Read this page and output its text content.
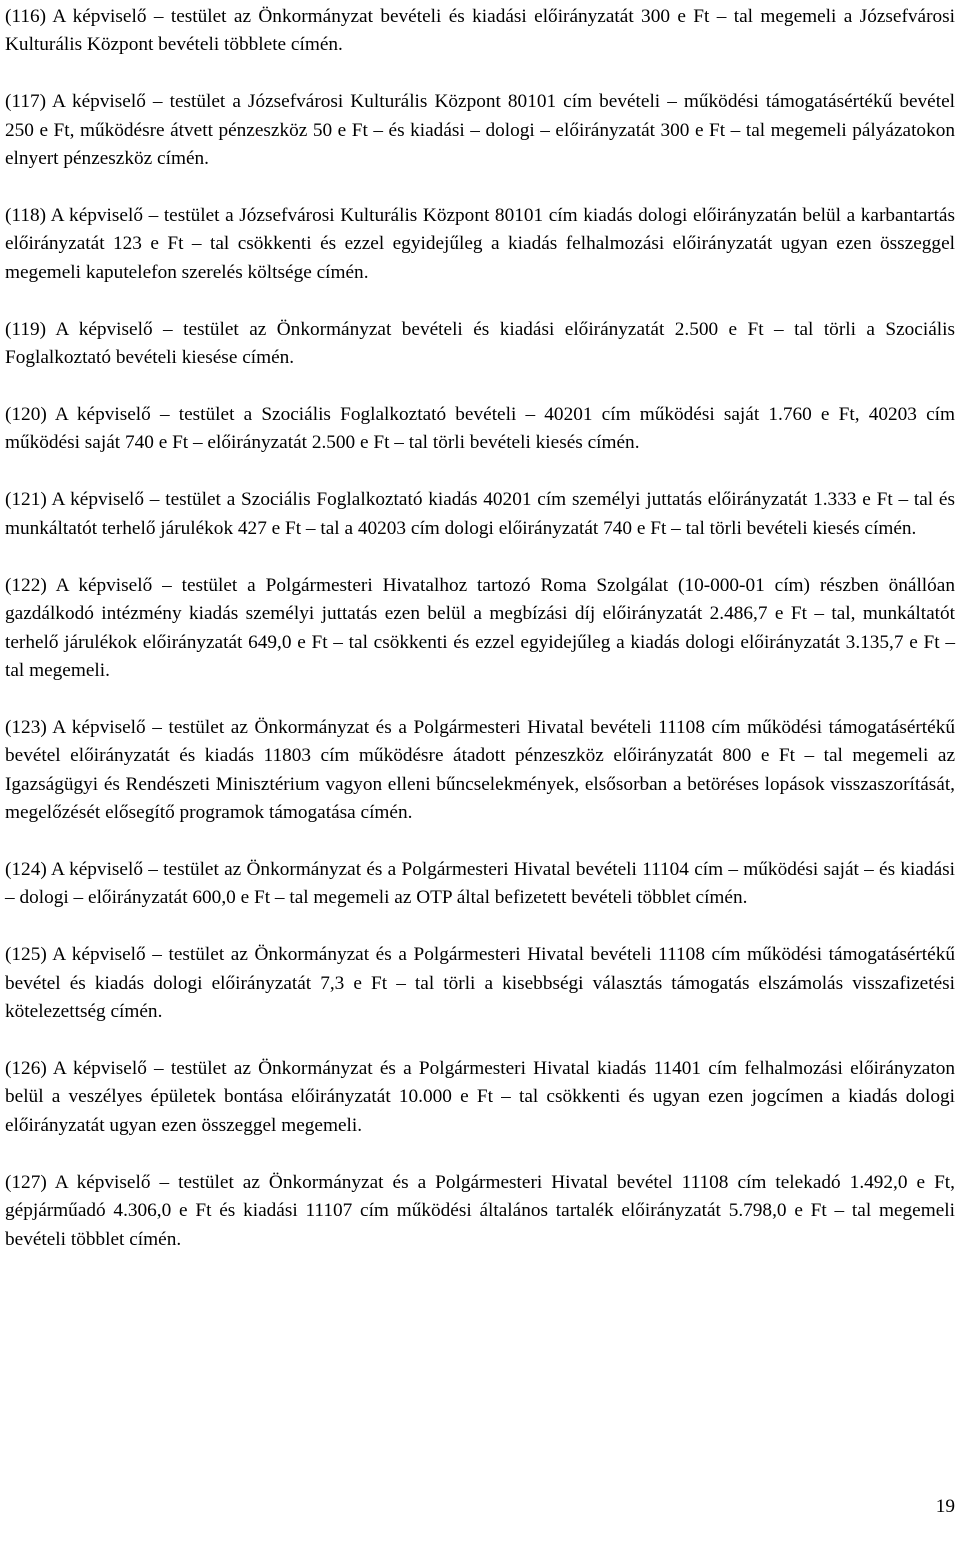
(116) A képviselő – testület az Önkormányzat bevételi és kiadási előirányzatát 300 e Ft – tal megemeli a Józsefvárosi Kulturális Központ bevételi többlete címén.

(117) A képviselő – testület a Józsefvárosi Kulturális Központ 80101 cím bevételi – működési támogatásértékű bevétel 250 e Ft, működésre átvett pénzeszköz 50 e Ft – és kiadási – dologi – előirányzatát 300 e Ft – tal megemeli pályázatokon elnyert pénzeszköz címén.

(118) A képviselő – testület a Józsefvárosi Kulturális Központ 80101 cím kiadás dologi előirányzatán belül a karbantartás előirányzatát 123 e Ft – tal csökkenti és ezzel egyidejűleg a kiadás felhalmozási előirányzatát ugyan ezen összeggel megemeli kaputelefon szerelés költsége címén.

(119) A képviselő – testület az Önkormányzat bevételi és kiadási előirányzatát 2.500 e Ft – tal törli a Szociális Foglalkoztató bevételi kiesése címén.

(120) A képviselő – testület a Szociális Foglalkoztató bevételi – 40201 cím működési saját 1.760 e Ft, 40203 cím működési saját 740 e Ft – előirányzatát 2.500 e Ft – tal törli bevételi kiesés címén.

(121) A képviselő – testület a Szociális Foglalkoztató kiadás 40201 cím személyi juttatás előirányzatát 1.333 e Ft – tal és munkáltatót terhelő járulékok 427 e Ft – tal a 40203 cím dologi előirányzatát 740 e Ft – tal törli bevételi kiesés címén.

(122) A képviselő – testület a Polgármesteri Hivatalhoz tartozó Roma Szolgálat (10-000-01 cím) részben önállóan gazdálkodó intézmény kiadás személyi juttatás ezen belül a megbízási díj előirányzatát 2.486,7 e Ft – tal, munkáltatót terhelő járulékok előirányzatát 649,0 e Ft – tal csökkenti és ezzel egyidejűleg a kiadás dologi előirányzatát 3.135,7 e Ft – tal megemeli.

(123) A képviselő – testület az Önkormányzat és a Polgármesteri Hivatal bevételi 11108 cím működési támogatásértékű bevétel előirányzatát és kiadás 11803 cím működésre átadott pénzeszköz előirányzatát 800 e Ft – tal megemeli az Igazságügyi és Rendészeti Minisztérium vagyon elleni bűncselekmények, elsősorban a betöréses lopások visszaszorítását, megelőzését elősegítő programok támogatása címén.

(124) A képviselő – testület az Önkormányzat és a Polgármesteri Hivatal bevételi 11104 cím – működési saját – és kiadási – dologi – előirányzatát 600,0 e Ft – tal megemeli az OTP által befizetett bevételi többlet címén.

(125) A képviselő – testület az Önkormányzat és a Polgármesteri Hivatal bevételi 11108 cím működési támogatásértékű bevétel és kiadás dologi előirányzatát 7,3 e Ft – tal törli a kisebbségi választás támogatás elszámolás visszafizetési kötelezettség címén.

(126) A képviselő – testület az Önkormányzat és a Polgármesteri Hivatal kiadás 11401 cím felhalmozási előirányzaton belül a veszélyes épületek bontása előirányzatát 10.000 e Ft – tal csökkenti és ugyan ezen jogcímen a kiadás dologi előirányzatát ugyan ezen összeggel megemeli.

(127) A képviselő – testület az Önkormányzat és a Polgármesteri Hivatal bevétel 11108 cím telekadó 1.492,0 e Ft, gépjárműadó 4.306,0 e Ft és kiadási 11107 cím működési általános tartalék előirányzatát 5.798,0 e Ft – tal megemeli bevételi többlet címén.

19
